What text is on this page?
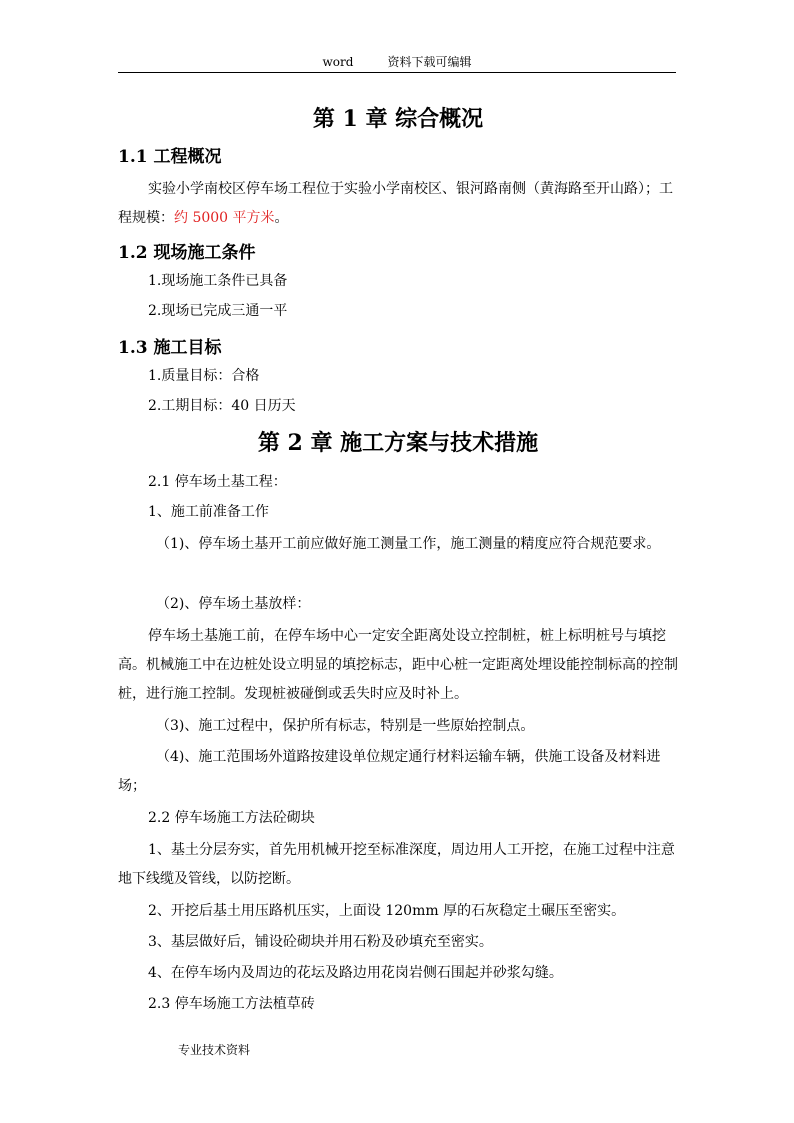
word	资料下载可编辑
第 1 章 综合概况
1.1 工程概况

实验小学南校区停车场工程位于实验小学南校区、银河路南侧（黄海路至开山路）；工程规模：约 5000 平方米。

1.2 现场施工条件

1.现场施工条件已具备

2.现场已完成三通一平

1.3 施工目标

1.质量目标：合格

2.工期目标：40 日历天

第 2 章 施工方案与技术措施

2.1 停车场土基工程：

1、施工前准备工作

（1)、停车场土基开工前应做好施工测量工作，施工测量的精度应符合规范要求。

（2)、停车场土基放样：

停车场土基施工前，在停车场中心一定安全距离处设立控制桩，桩上标明桩号与填挖高。机械施工中在边桩处设立明显的填挖标志，距中心桩一定距离处埋设能控制标高的控制桩，进行施工控制。发现桩被碰倒或丢失时应及时补上。

（3)、施工过程中，保护所有标志，特别是一些原始控制点。

（4)、施工范围场外道路按建设单位规定通行材料运输车辆，供施工设备及材料进场；

2.2 停车场施工方法砼砌块

1、基土分层夯实，首先用机械开挖至标准深度，周边用人工开挖，在施工过程中注意地下线缆及管线，以防挖断。

2、开挖后基土用压路机压实，上面设 120mm 厚的石灰稳定土碾压至密实。

3、基层做好后，铺设砼砌块并用石粉及砂填充至密实。

4、在停车场内及周边的花坛及路边用花岗岩侧石围起并砂浆勾缝。

2.3 停车场施工方法植草砖

专业技术资料
